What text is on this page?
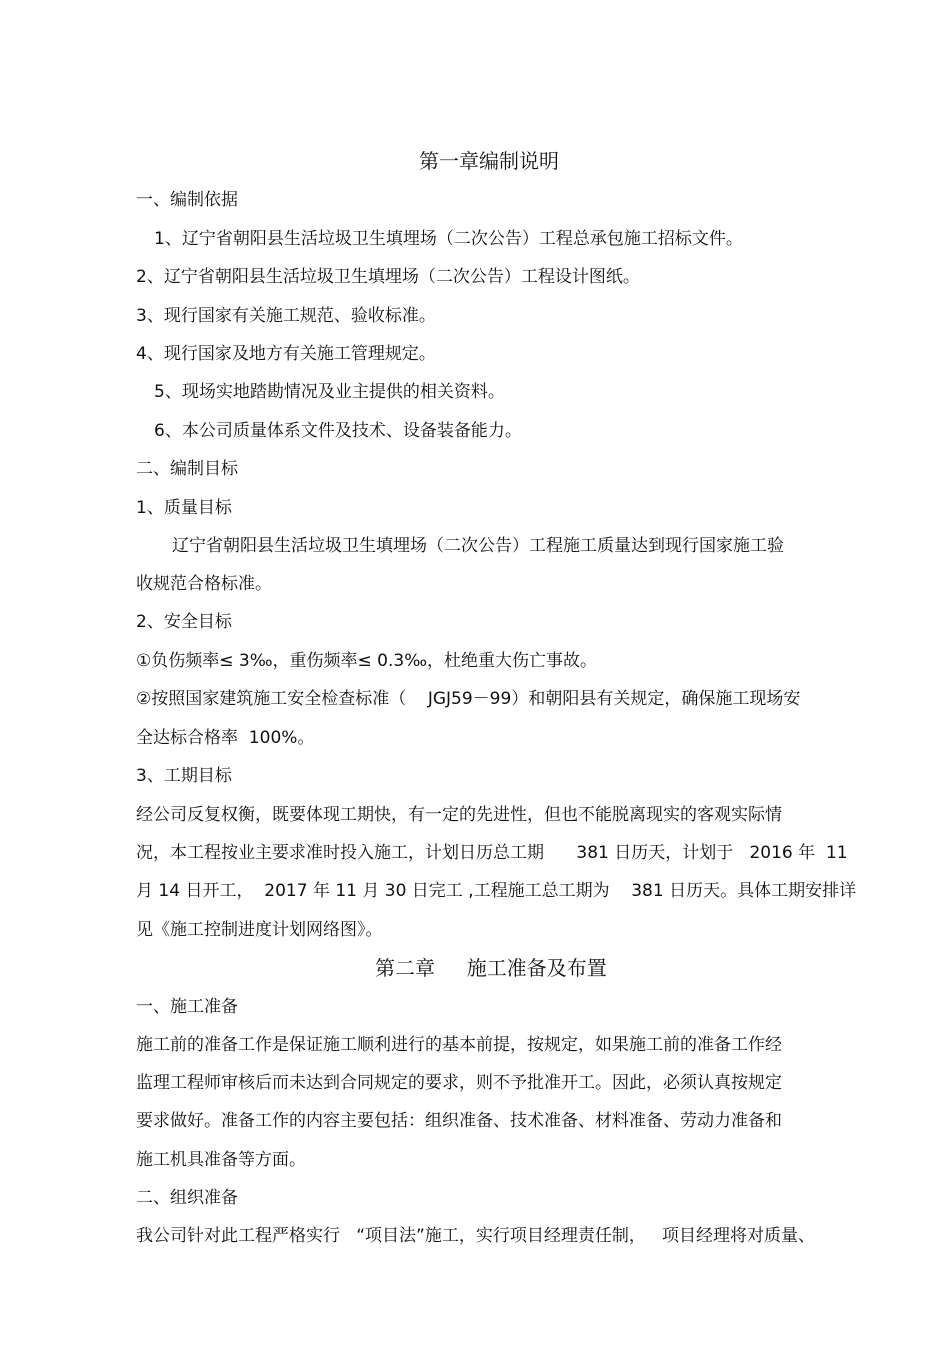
第一章编制说明
一、编制依据
1、辽宁省朝阳县生活垃圾卫生填埋场（二次公告）工程总承包施工招标文件。
2、辽宁省朝阳县生活垃圾卫生填埋场（二次公告）工程设计图纸。
3、现行国家有关施工规范、验收标准。
4、现行国家及地方有关施工管理规定。
5、现场实地踏勘情况及业主提供的相关资料。
6、本公司质量体系文件及技术、设备装备能力。
二、编制目标
1、质量目标
辽宁省朝阳县生活垃圾卫生填埋场（二次公告）工程施工质量达到现行国家施工验
收规范合格标准。
2、安全目标
①负伤频率≤ 3‰，重伤频率≤ 0.3‰，杜绝重大伤亡事故。
②按照国家建筑施工安全检查标准（    JGJ59－99）和朝阳县有关规定，确保施工现场安
全达标合格率  100%。
3、工期目标
经公司反复权衡，既要体现工期快，有一定的先进性，但也不能脱离现实的客观实际情
况，本工程按业主要求准时投入施工，计划日历总工期      381 日历天，计划于   2016 年  11
月 14 日开工，  2017 年 11 月 30 日完工 ,工程施工总工期为    381 日历天。具体工期安排详
见《施工控制进度计划网络图》。
第二章     施工准备及布置
一、施工准备
施工前的准备工作是保证施工顺利进行的基本前提，按规定，如果施工前的准备工作经
监理工程师审核后而未达到合同规定的要求，则不予批准开工。因此，必须认真按规定
要求做好。准备工作的内容主要包括：组织准备、技术准备、材料准备、劳动力准备和
施工机具准备等方面。
二、组织准备
我公司针对此工程严格实行   “项目法”施工，实行项目经理责任制，   项目经理将对质量、
